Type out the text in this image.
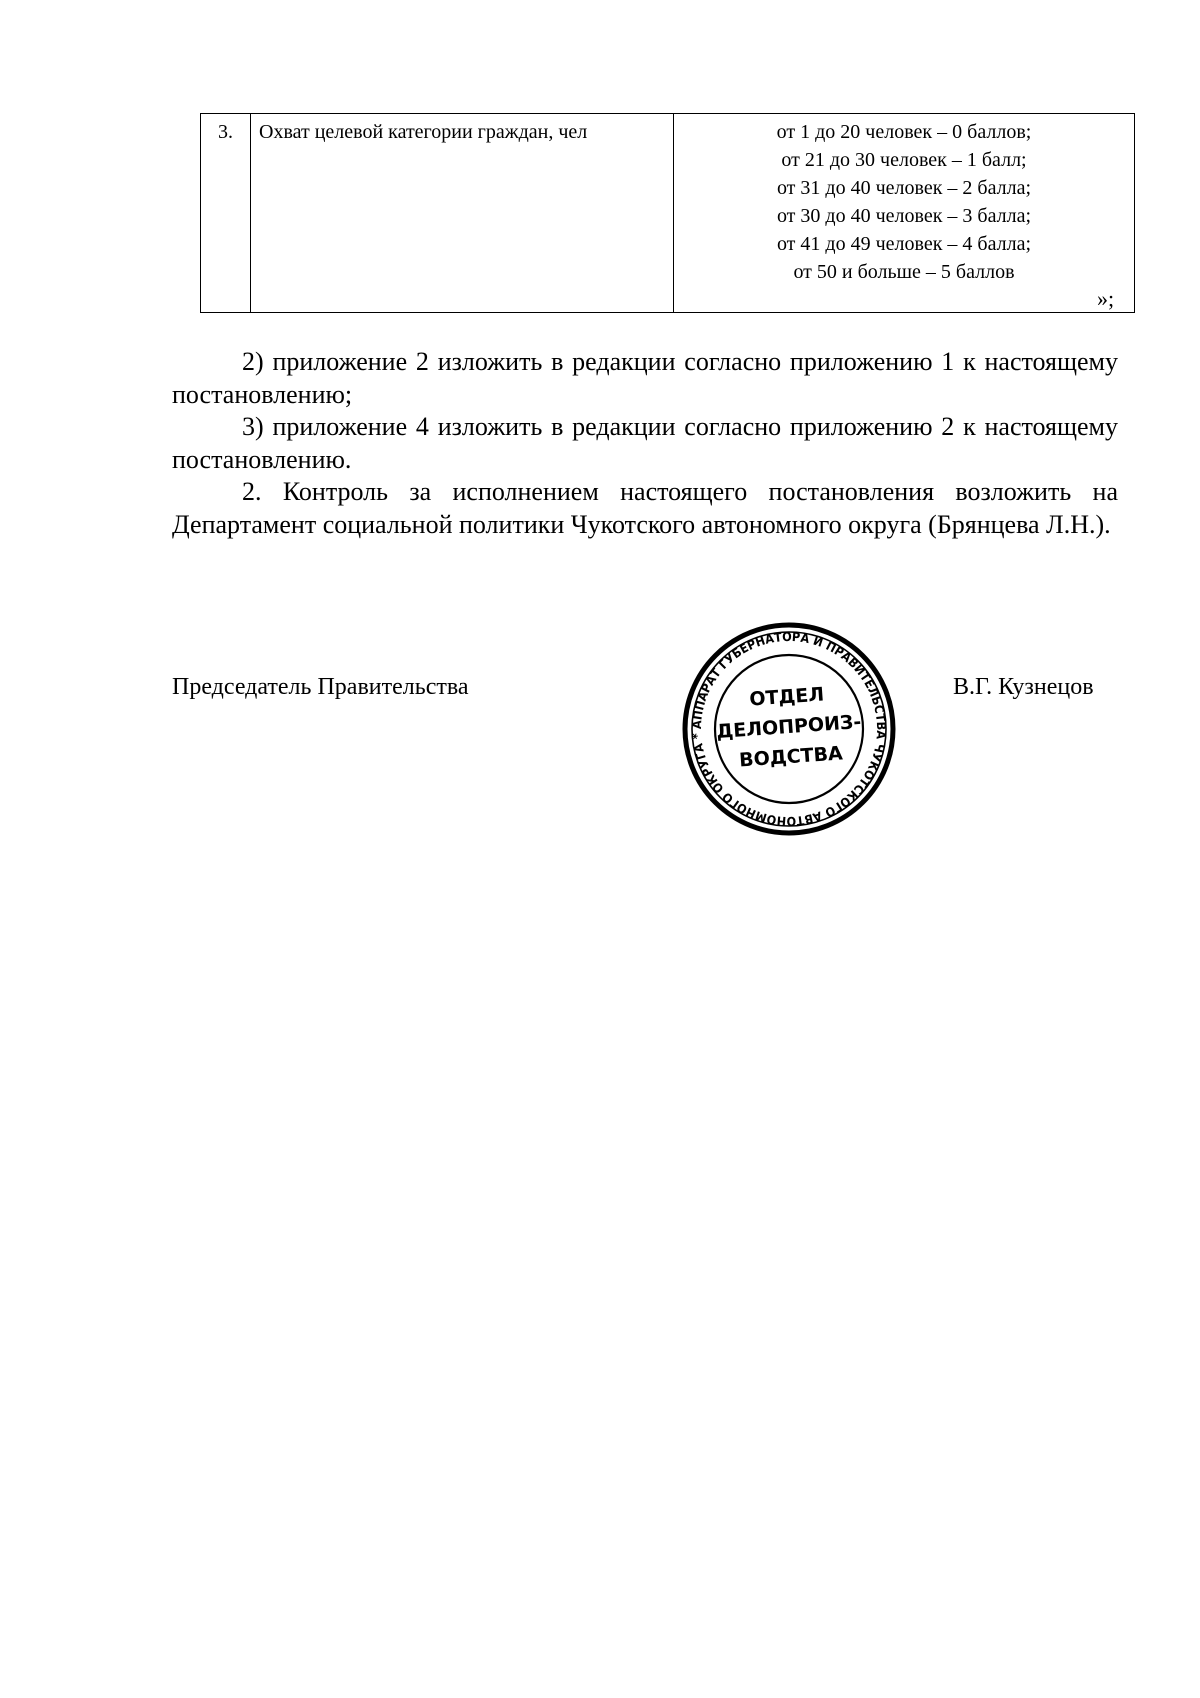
3.	Охват целевой категории граждан, чел	от 1 до 20 человек – 0 баллов;
от 21 до 30 человек – 1 балл;
от 31 до 40 человек – 2 балла;
от 30 до 40 человек – 3 балла;
от 41 до 49 человек – 4 балла;
от 50 и больше – 5 баллов
»;

2) приложение 2 изложить в редакции согласно приложению 1 к настоящему постановлению;

3) приложение 4 изложить в редакции согласно приложению 2 к настоящему постановлению.

2. Контроль за исполнением настоящего постановления возложить на Департамент социальной политики Чукотского автономного округа (Брянцева Л.Н.).

Председатель Правительства
АППАРАТ ГУБЕРНАТОРА И ПРАВИТЕЛЬСТВА ЧУКОТСКОГО АВТОНОМНОГО ОКРУГА *
ОТДЕЛ
ДЕЛОПРОИЗ-
ВОДСТВА
В.Г. Кузнецов
